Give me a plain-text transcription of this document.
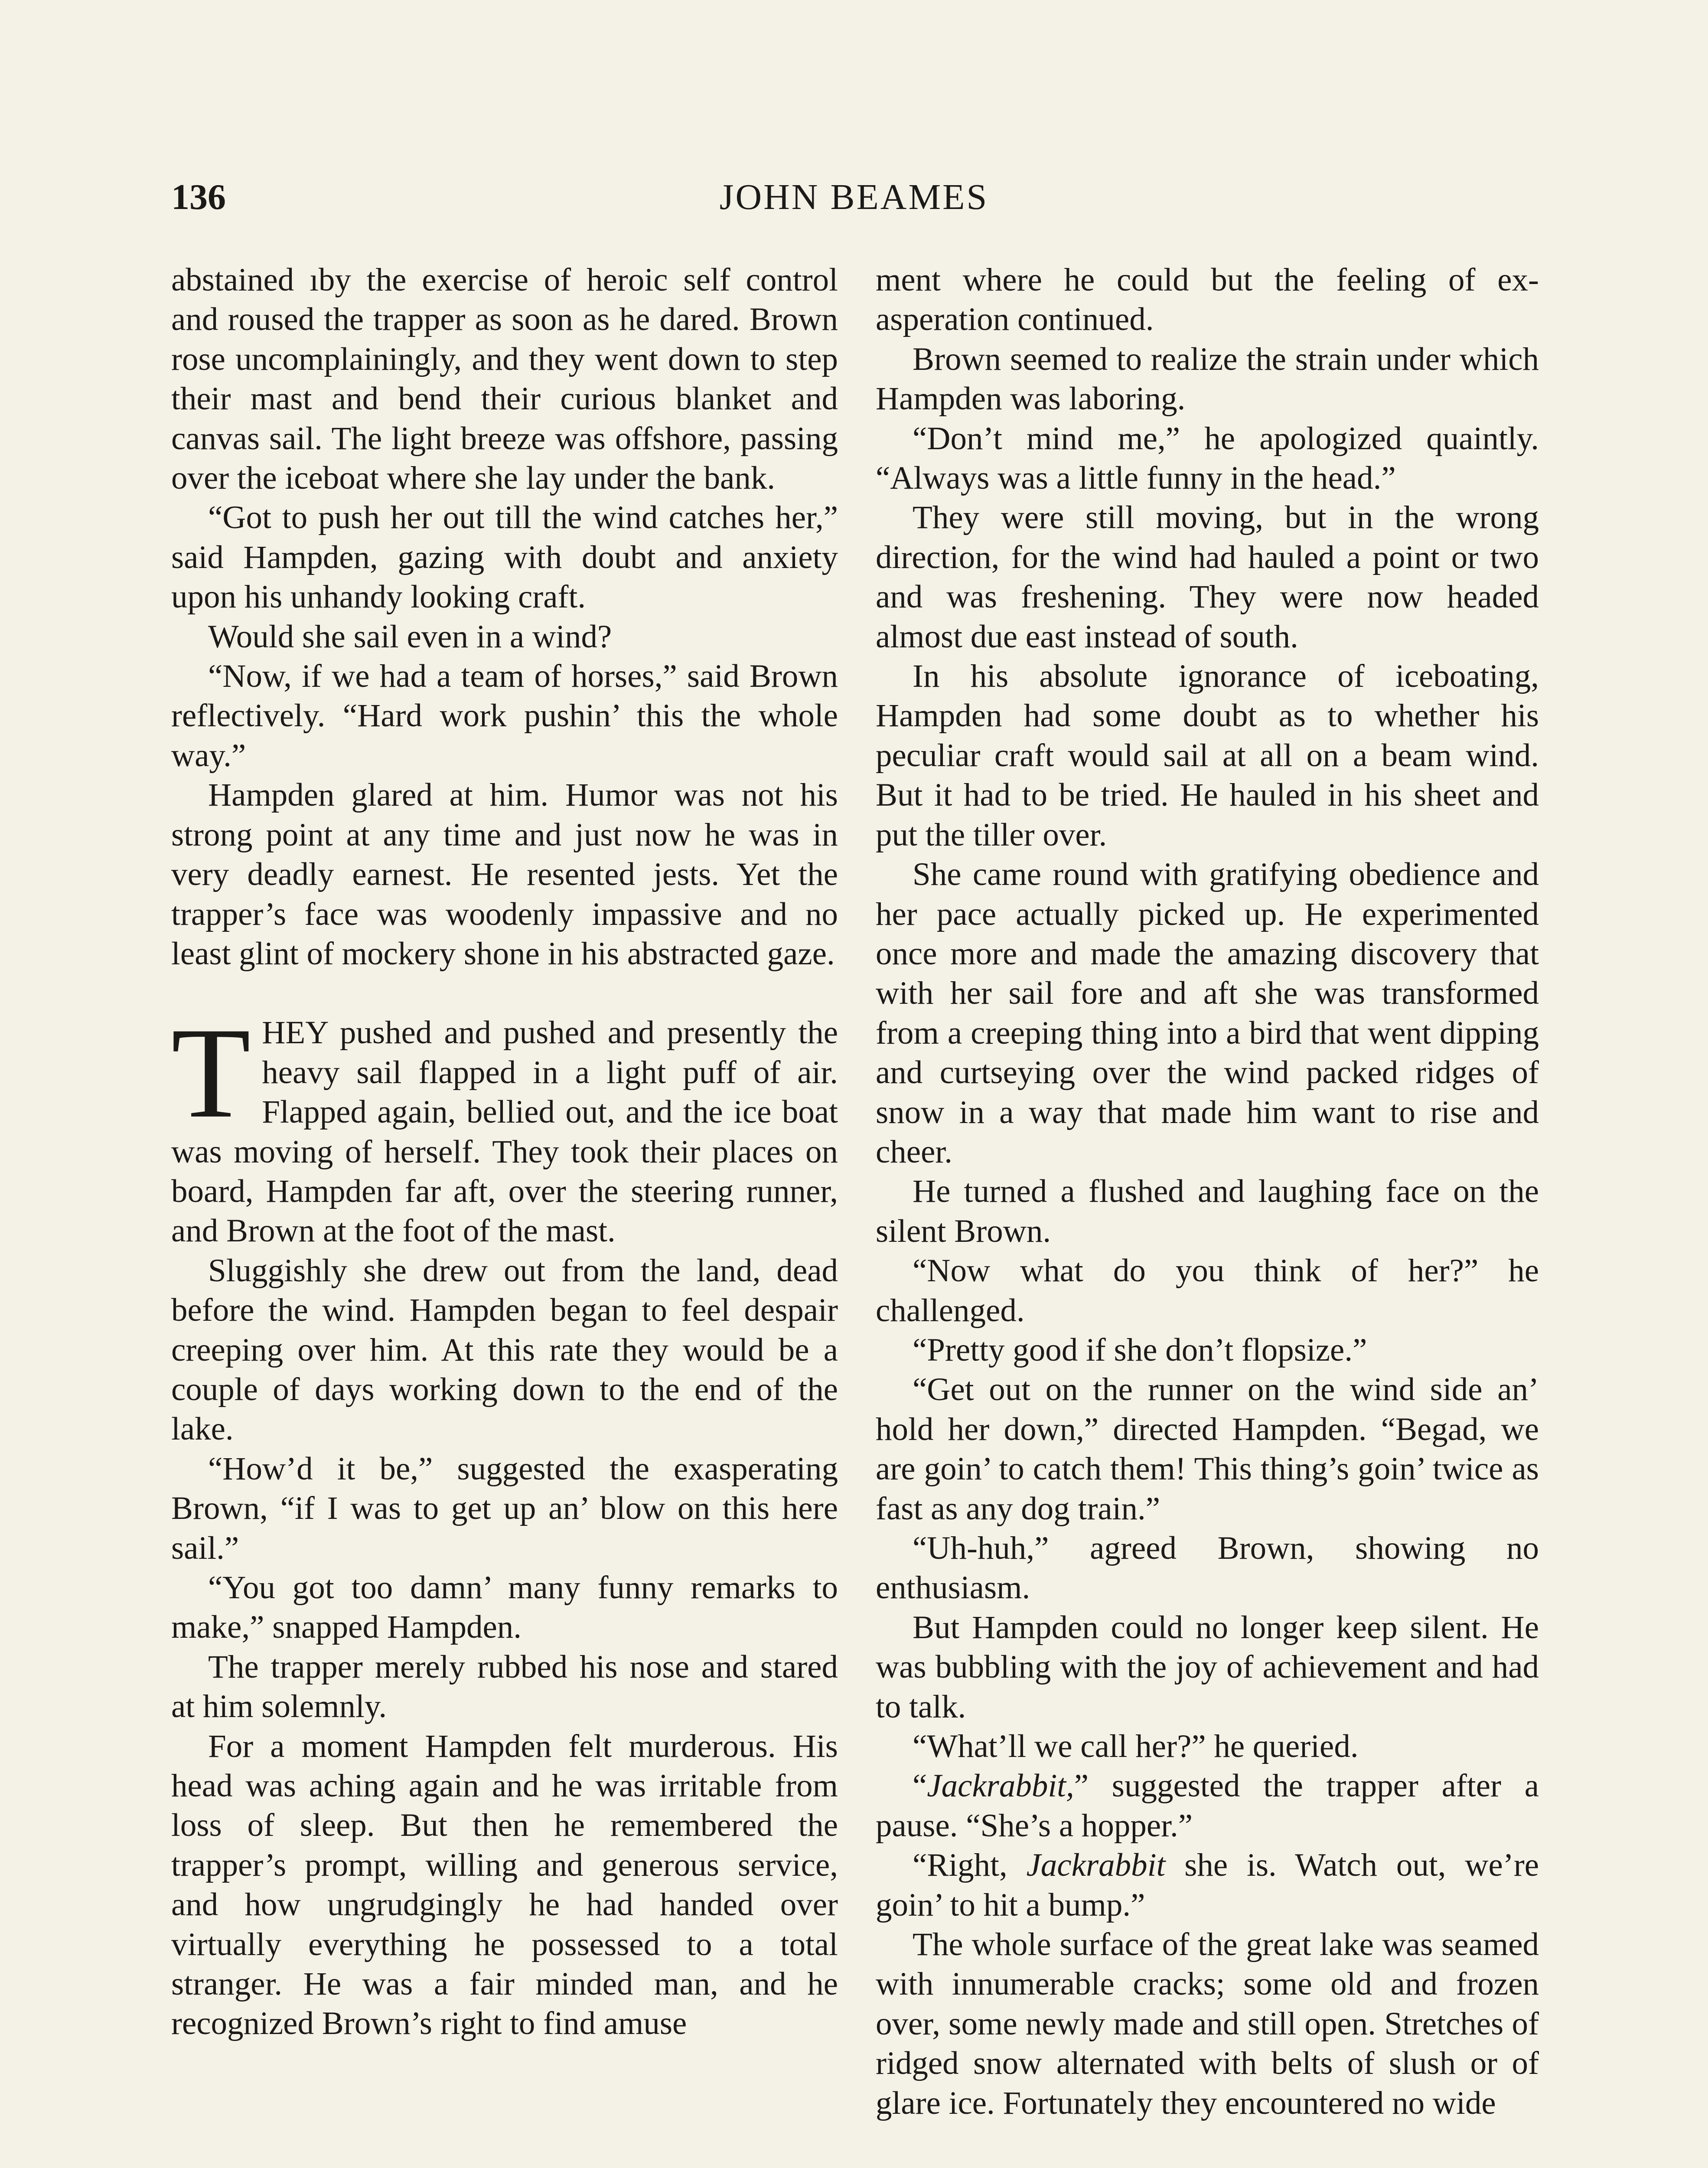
136	JOHN BEAMES

abstained ıby the exercise of heroic self control and roused the trapper as soon as he dared. Brown rose uncomplainingly, and they went down to step their mast and bend their curious blanket and canvas sail. The light breeze was offshore, passing over the iceboat where she lay under the bank.

“Got to push her out till the wind catches her,” said Hampden, gazing with doubt and anxiety upon his unhandy looking craft.

Would she sail even in a wind?

“Now, if we had a team of horses,” said Brown reflectively. “Hard work pushin’ this the whole way.”

Hampden glared at him. Humor was not his strong point at any time and just now he was in very deadly earnest. He resented jests. Yet the trapper’s face was woodenly impassive and no least glint of mockery shone in his abstracted gaze.

THEY pushed and pushed and presently the heavy sail flapped in a light puff of air. Flapped again, bellied out, and the ice boat was moving of herself. They took their places on board, Hampden far aft, over the steering runner, and Brown at the foot of the mast.

Sluggishly she drew out from the land, dead before the wind. Hampden began to feel despair creeping over him. At this rate they would be a couple of days working down to the end of the lake.

“How’d it be,” suggested the exasperating Brown, “if I was to get up an’ blow on this here sail.”

“You got too damn’ many funny remarks to make,” snapped Hampden.

The trapper merely rubbed his nose and stared at him solemnly.

For a moment Hampden felt murderous. His head was aching again and he was irritable from loss of sleep. But then he remembered the trapper’s prompt, willing and generous service, and how ungrudgingly he had handed over virtually everything he possessed to a total stranger. He was a fair minded man, and he recognized Brown’s right to find amuse

ment where he could but the feeling of exasperation continued.

Brown seemed to realize the strain under which Hampden was laboring.

“Don’t mind me,” he apologized quaintly. “Always was a little funny in the head.”

They were still moving, but in the wrong direction, for the wind had hauled a point or two and was freshening. They were now headed almost due east instead of south.

In his absolute ignorance of iceboating, Hampden had some doubt as to whether his peculiar craft would sail at all on a beam wind. But it had to be tried. He hauled in his sheet and put the tiller over.

She came round with gratifying obedience and her pace actually picked up. He experimented once more and made the amazing discovery that with her sail fore and aft she was transformed from a creeping thing into a bird that went dipping and curtseying over the wind packed ridges of snow in a way that made him want to rise and cheer.

He turned a flushed and laughing face on the silent Brown.

“Now what do you think of her?” he challenged.

“Pretty good if she don’t flopsize.”

“Get out on the runner on the wind side an’ hold her down,” directed Hampden. “Begad, we are goin’ to catch them! This thing’s goin’ twice as fast as any dog train.”

“Uh-huh,” agreed Brown, showing no enthusiasm.

But Hampden could no longer keep silent. He was bubbling with the joy of achievement and had to talk.

“What’ll we call her?” he queried.

“Jackrabbit,” suggested the trapper after a pause. “She’s a hopper.”

“Right, Jackrabbit she is. Watch out, we’re goin’ to hit a bump.”

The whole surface of the great lake was seamed with innumerable cracks; some old and frozen over, some newly made and still open. Stretches of ridged snow alternated with belts of slush or of glare ice. Fortunately they encountered no wide
